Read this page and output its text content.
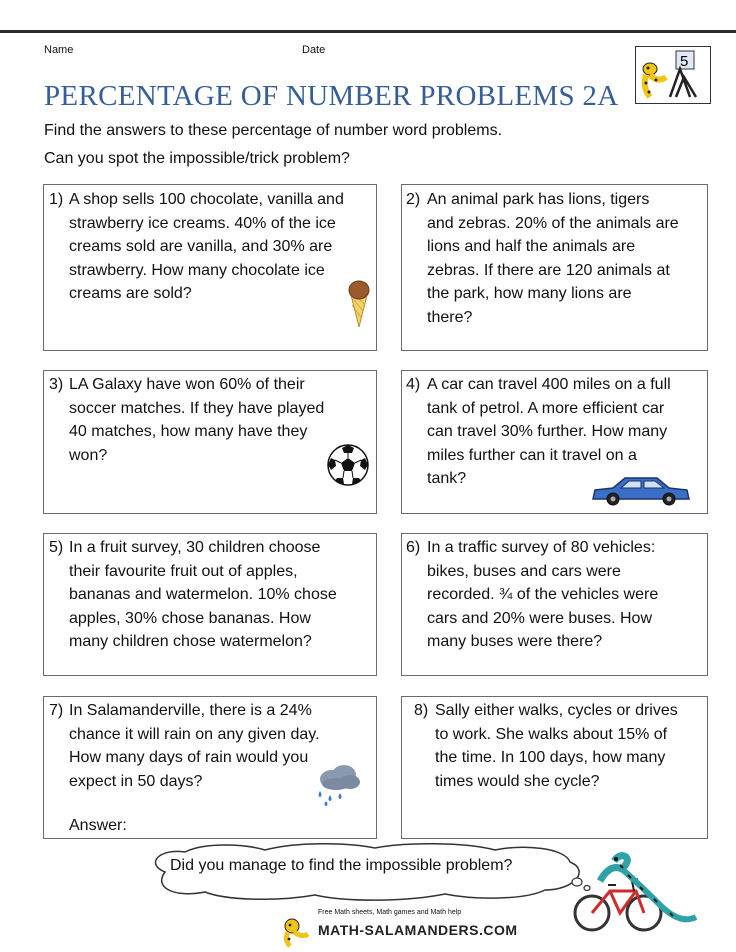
Name	Date
PERCENTAGE OF NUMBER PROBLEMS 2A
5
Find the answers to these percentage of number word problems.
Can you spot the impossible/trick problem?
1) A shop sells 100 chocolate, vanilla and
strawberry ice creams. 40% of the ice
creams sold are vanilla, and 30% are
strawberry. How many chocolate ice
creams are sold?
2) An animal park has lions, tigers
and zebras. 20% of the animals are
lions and half the animals are
zebras. If there are 120 animals at
the park, how many lions are
there?
3) LA Galaxy have won 60% of their
soccer matches. If they have played
40 matches, how many have they
won?
4) A car can travel 400 miles on a full
tank of petrol. A more efficient car
can travel 30% further. How many
miles further can it travel on a
tank?
5) In a fruit survey, 30 children choose
their favourite fruit out of apples,
bananas and watermelon. 10% chose
apples, 30% chose bananas. How
many children chose watermelon?
6) In a traffic survey of 80 vehicles:
bikes, buses and cars were
recorded. ¾ of the vehicles were
cars and 20% were buses. How
many buses were there?
7) In Salamanderville, there is a 24%
chance it will rain on any given day.
How many days of rain would you
expect in 50 days?
Answer:
8) Sally either walks, cycles or drives
to work. She walks about 15% of
the time. In 100 days, how many
times would she cycle?
Did you manage to find the impossible problem?
Free Math sheets, Math games and Math help
MATH-SALAMANDERS.COM
